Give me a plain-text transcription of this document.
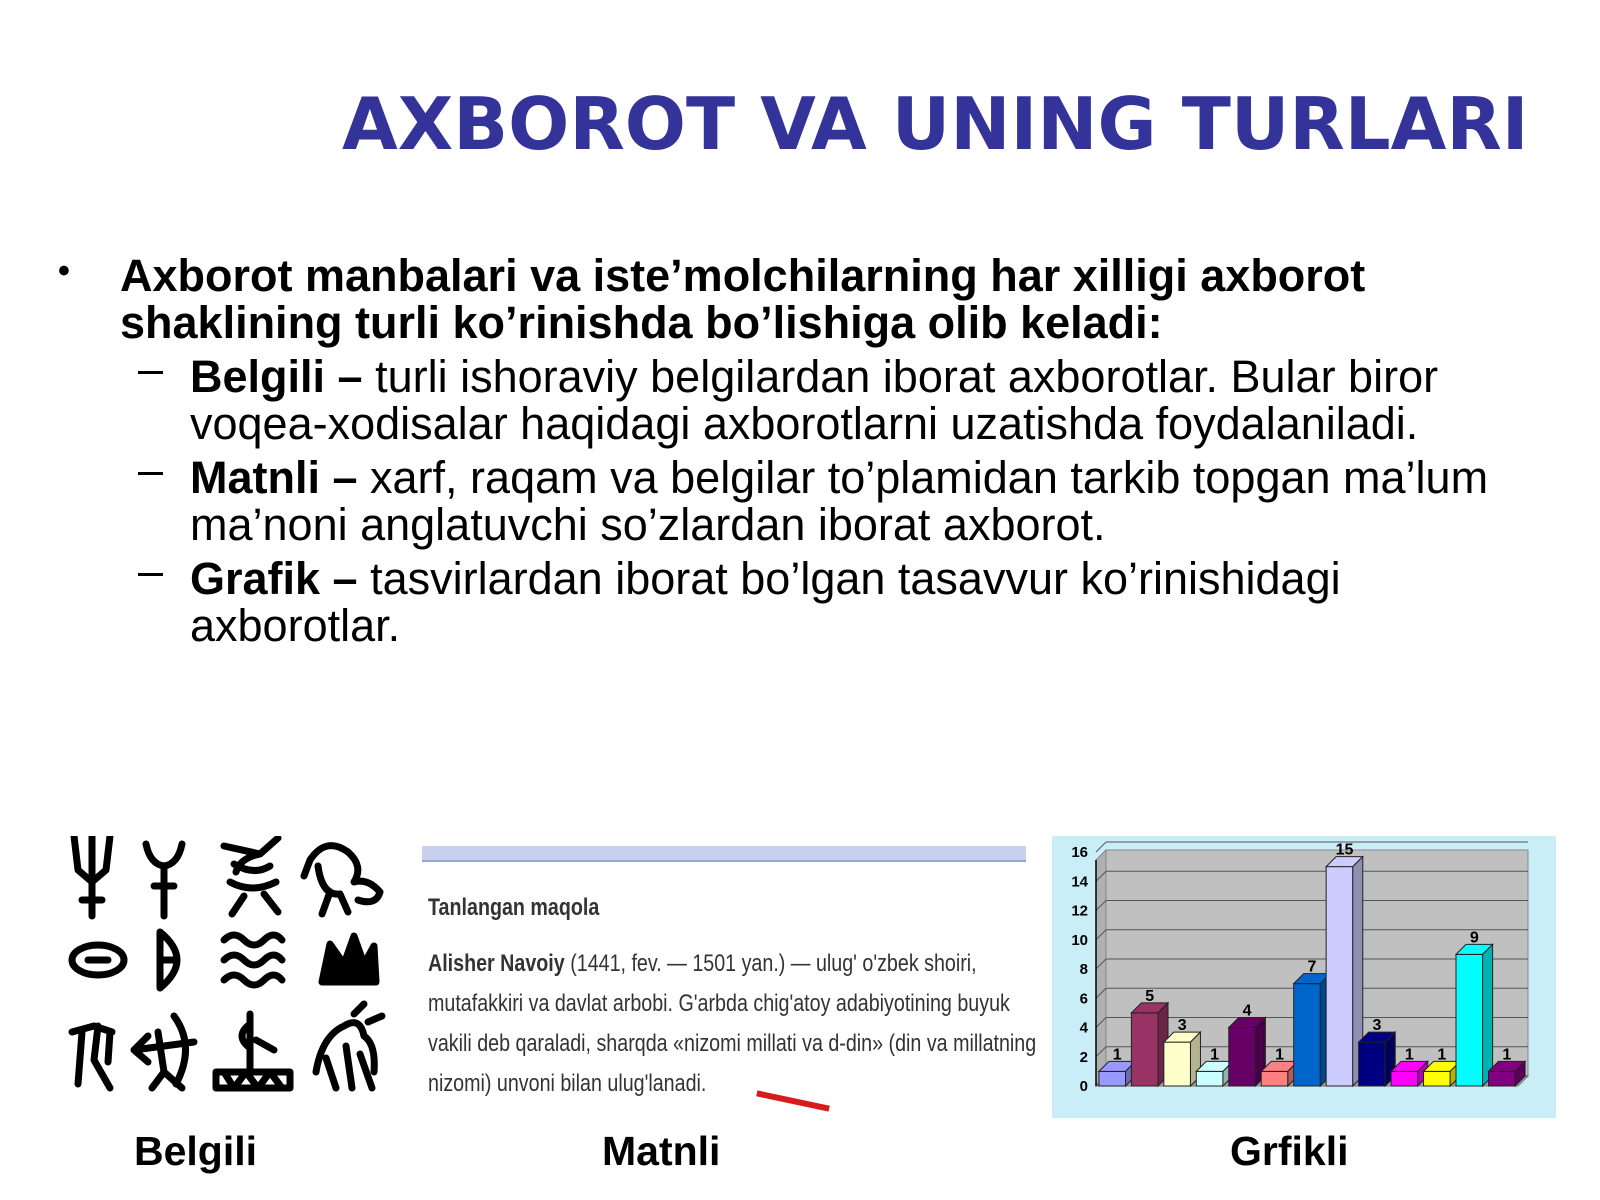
AXBOROT VA UNING TURLARI
• Axborot manbalari va iste’molchilarning har xilligi axborot shaklining turli ko’rinishda bo’lishiga olib keladi:
– Belgili – turli ishoraviy belgilardan iborat axborotlar. Bular biror voqea-xodisalar haqidagi axborotlarni uzatishda foydalaniladi.
– Matnli – xarf, raqam va belgilar to’plamidan tarkib topgan ma’lum ma’noni anglatuvchi so’zlardan iborat axborot.
– Grafik – tasvirlardan iborat bo’lgan tasavvur ko’rinishidagi axborotlar.
Tanlangan maqola
Alisher Navoiy (1441, fev. — 1501 yan.) — ulug' o'zbek shoiri,
mutafakkiri va davlat arbobi. G'arbda chig'atoy adabiyotining buyuk
vakili deb qaraladi, sharqda «nizomi millati va d-din» (din va millatning
nizomi) unvoni bilan ulug'lanadi.	0
2
4
6
8
10
12
14
16
1
5
3
1
4
1
7
15
3
1 1
9
1
Belgili	Matnli	Grfikli
